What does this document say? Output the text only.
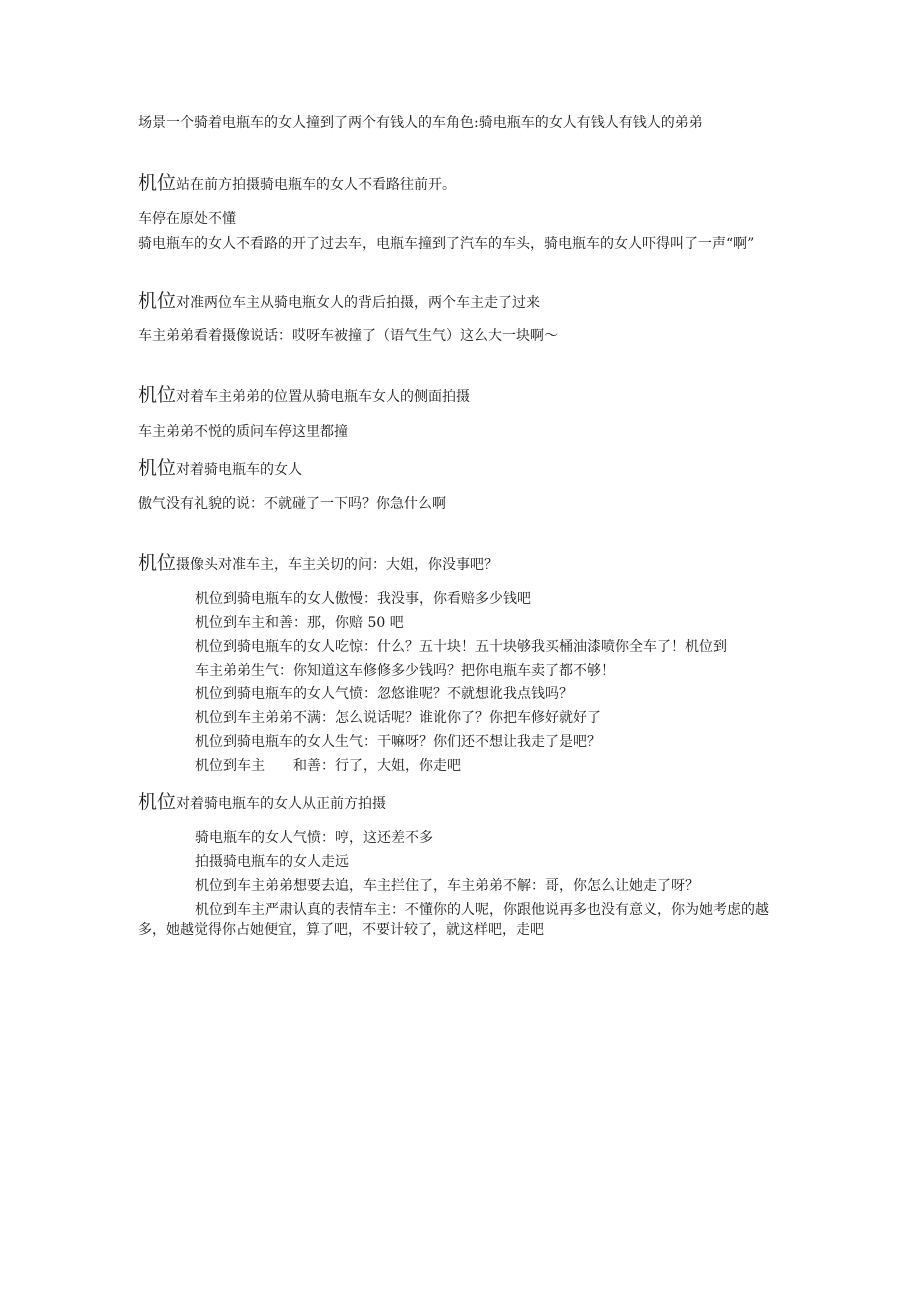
场景一个骑着电瓶车的女人撞到了两个有钱人的车角色:骑电瓶车的女人有钱人有钱人的弟弟
机位站在前方拍摄骑电瓶车的女人不看路往前开。
车停在原处不懂
骑电瓶车的女人不看路的开了过去车，电瓶车撞到了汽车的车头，骑电瓶车的女人吓得叫了一声“啊”
机位对准两位车主从骑电瓶女人的背后拍摄，两个车主走了过来
车主弟弟看着摄像说话：哎呀车被撞了（语气生气）这么大一块啊～
机位对着车主弟弟的位置从骑电瓶车女人的侧面拍摄
车主弟弟不悦的质问车停这里都撞
机位对着骑电瓶车的女人
傲气没有礼貌的说：不就碰了一下吗？你急什么啊
机位摄像头对准车主，车主关切的问：大姐，你没事吧？
机位到骑电瓶车的女人傲慢：我没事，你看赔多少钱吧
机位到车主和善：那，你赔 50 吧
机位到骑电瓶车的女人吃惊：什么？五十块！五十块够我买桶油漆喷你全车了！机位到
车主弟弟生气：你知道这车修修多少钱吗？把你电瓶车卖了都不够！
机位到骑电瓶车的女人气愤：忽悠谁呢？不就想讹我点钱吗？
机位到车主弟弟不满：怎么说话呢？谁讹你了？你把车修好就好了
机位到骑电瓶车的女人生气：干嘛呀？你们还不想让我走了是吧？
机位到车主 和善：行了，大姐，你走吧
机位对着骑电瓶车的女人从正前方拍摄
骑电瓶车的女人气愤：哼，这还差不多
拍摄骑电瓶车的女人走远
机位到车主弟弟想要去追，车主拦住了，车主弟弟不解：哥，你怎么让她走了呀？
机位到车主严肃认真的表情车主：不懂你的人呢，你跟他说再多也没有意义，你为她考虑的越多，她越觉得你占她便宜，算了吧，不要计较了，就这样吧，走吧
